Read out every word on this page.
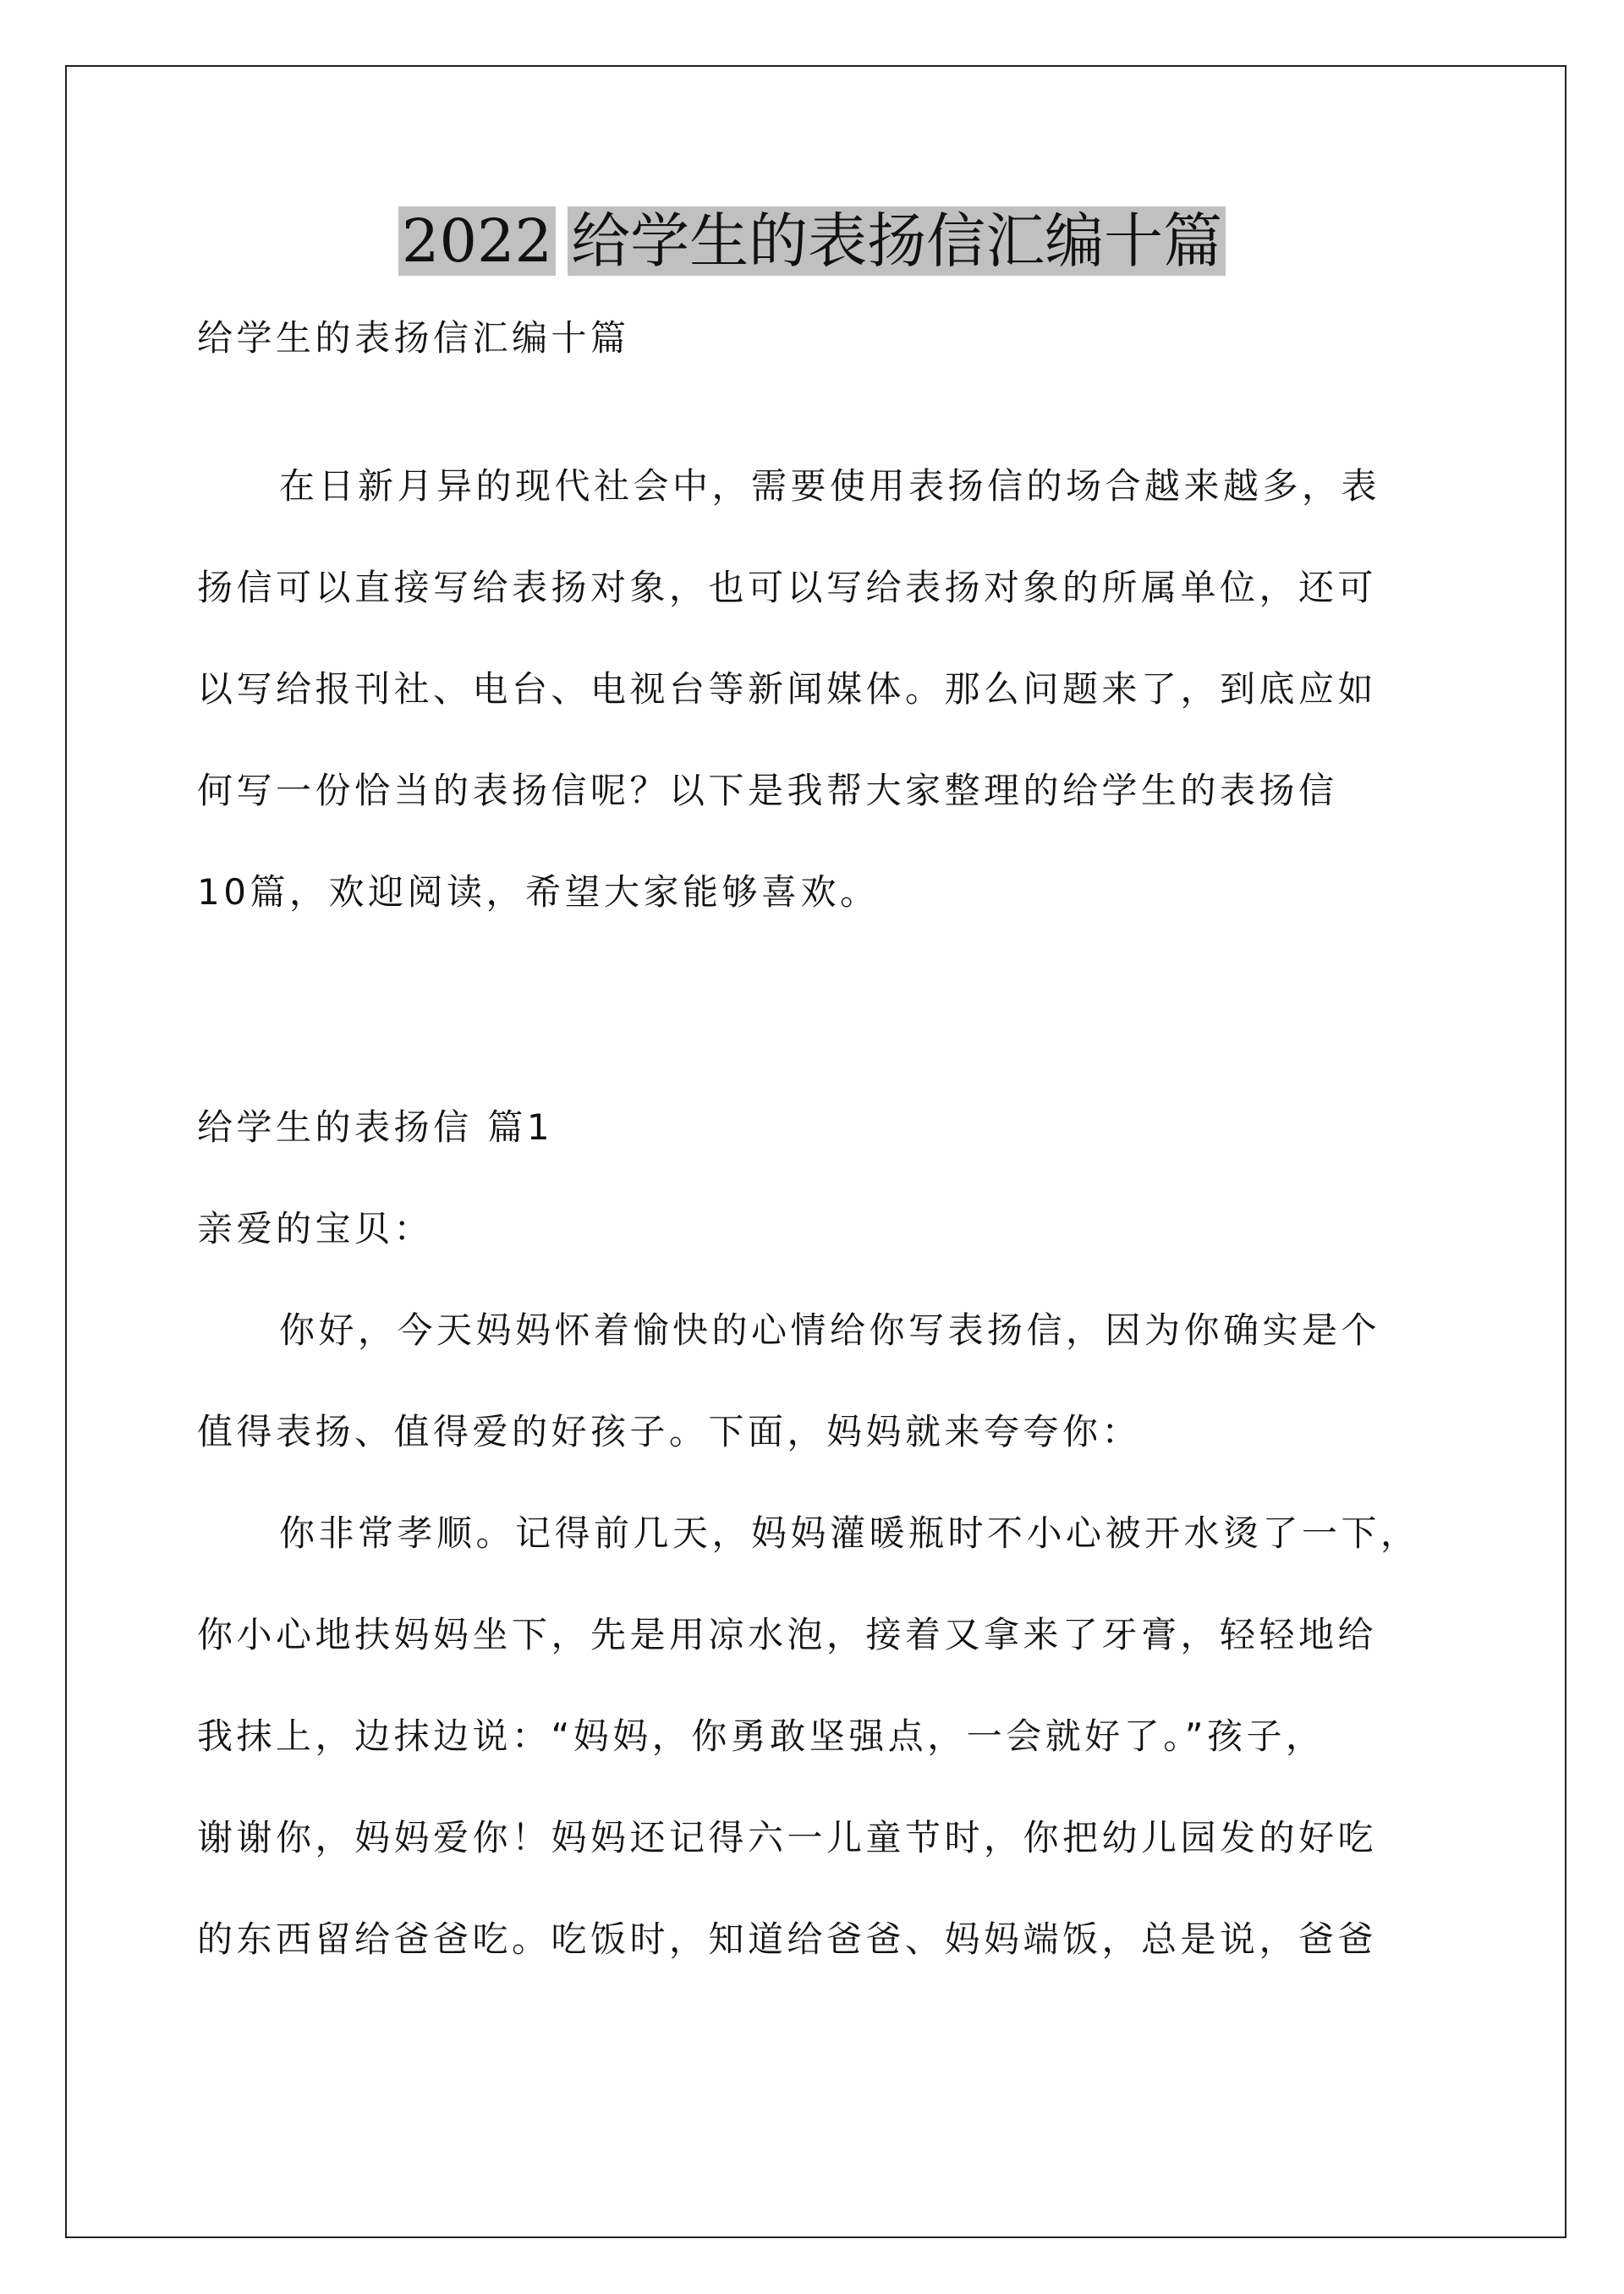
2022 给学生的表扬信汇编十篇
给学生的表扬信汇编十篇
在日新月异的现代社会中，需要使用表扬信的场合越来越多，表
扬信可以直接写给表扬对象，也可以写给表扬对象的所属单位，还可
以写给报刊社、电台、电视台等新闻媒体。那么问题来了，到底应如
何写一份恰当的表扬信呢？以下是我帮大家整理的给学生的表扬信
10篇，欢迎阅读，希望大家能够喜欢。
给学生的表扬信 篇1
亲爱的宝贝：
你好，今天妈妈怀着愉快的心情给你写表扬信，因为你确实是个
值得表扬、值得爱的好孩子。下面，妈妈就来夸夸你：
你非常孝顺。记得前几天，妈妈灌暖瓶时不小心被开水烫了一下，
你小心地扶妈妈坐下，先是用凉水泡，接着又拿来了牙膏，轻轻地给
我抹上，边抹边说：“妈妈，你勇敢坚强点，一会就好了。”孩子，
谢谢你，妈妈爱你！妈妈还记得六一儿童节时，你把幼儿园发的好吃
的东西留给爸爸吃。吃饭时，知道给爸爸、妈妈端饭，总是说，爸爸
